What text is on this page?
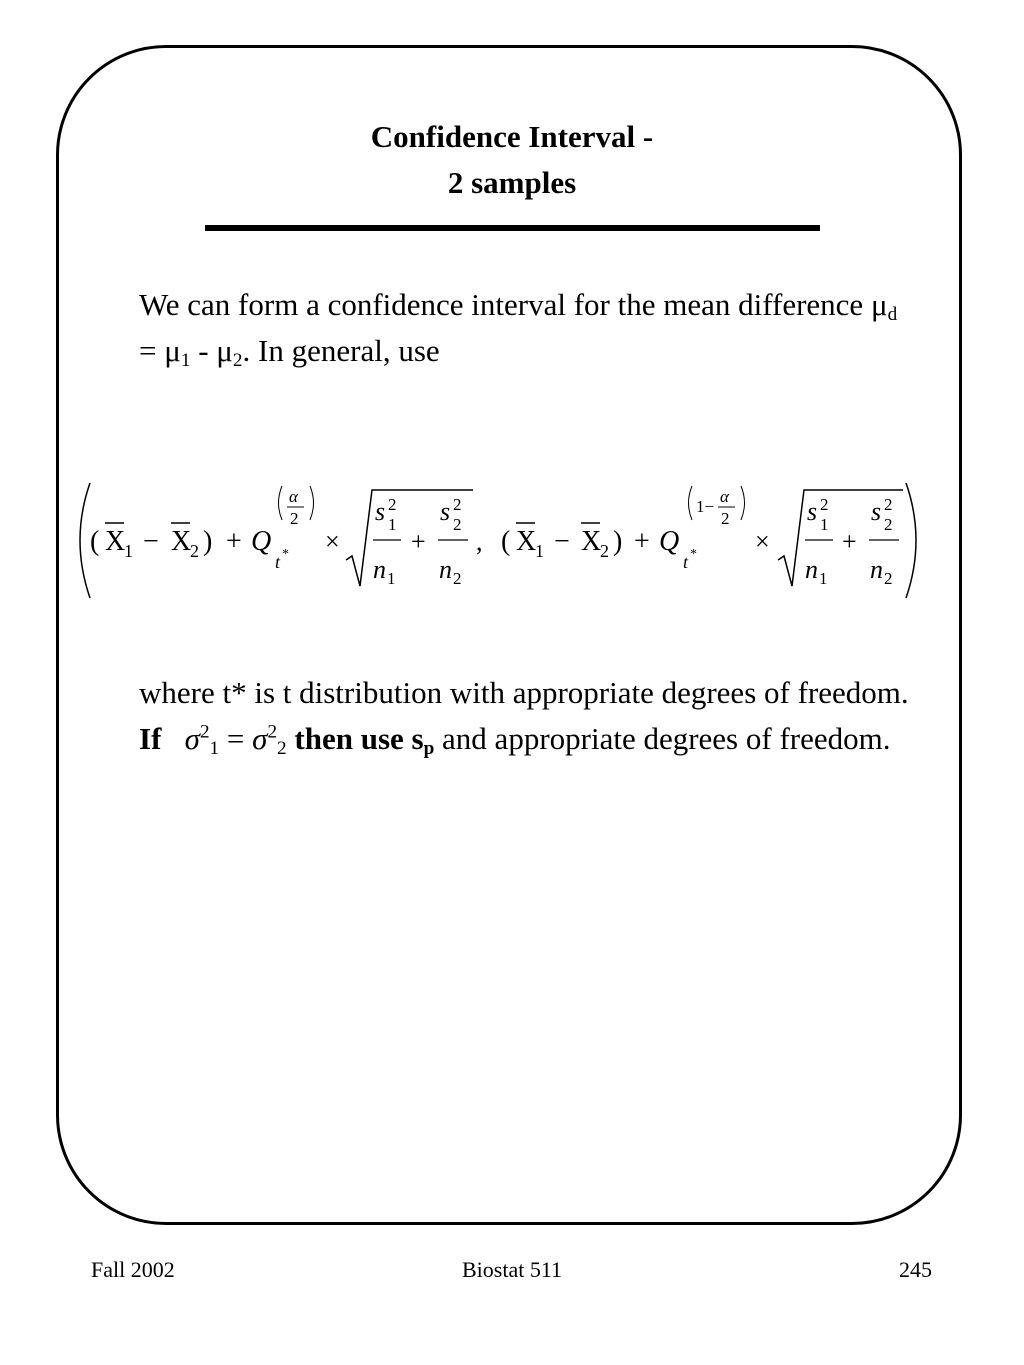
Confidence Interval -
2 samples
We can form a confidence interval for the mean difference $\mu_d = \mu_1 - \mu_2$. In general, use
( X
1 − X
2 ) + Q
t *
α
2
×
s 2
1
n 1
+
s 2
2
n 2
, ( X
1 − X
2 ) + Q
t *
1−
α
2
×
s 2
1
n 1
+
s 2
2
n 2
where t* is t distribution with appropriate degrees of freedom. If $\sigma^2_1 = \sigma^2_2$ then use $s_p$ and appropriate degrees of freedom.
Fall 2002	Biostat 511	245
